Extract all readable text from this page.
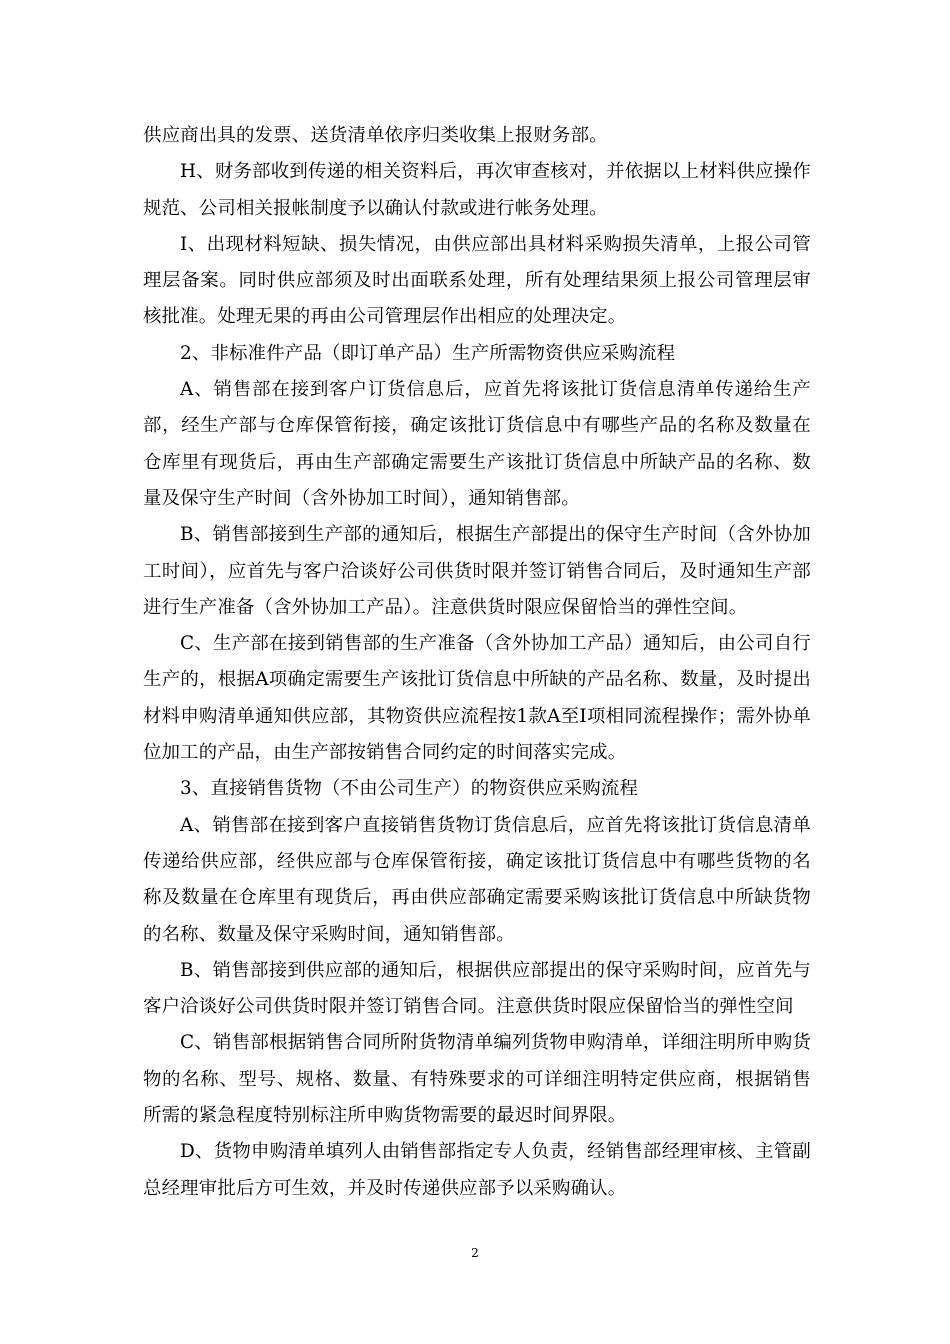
供应商出具的发票、送货清单依序归类收集上报财务部。

H、财务部收到传递的相关资料后，再次审查核对，并依据以上材料供应操作规范、公司相关报帐制度予以确认付款或进行帐务处理。

I、出现材料短缺、损失情况，由供应部出具材料采购损失清单，上报公司管理层备案。同时供应部须及时出面联系处理，所有处理结果须上报公司管理层审核批准。处理无果的再由公司管理层作出相应的处理决定。

2、非标准件产品（即订单产品）生产所需物资供应采购流程

A、销售部在接到客户订货信息后，应首先将该批订货信息清单传递给生产部，经生产部与仓库保管衔接，确定该批订货信息中有哪些产品的名称及数量在仓库里有现货后，再由生产部确定需要生产该批订货信息中所缺产品的名称、数量及保守生产时间（含外协加工时间），通知销售部。

B、销售部接到生产部的通知后，根据生产部提出的保守生产时间（含外协加工时间），应首先与客户洽谈好公司供货时限并签订销售合同后，及时通知生产部进行生产准备（含外协加工产品）。注意供货时限应保留恰当的弹性空间。

C、生产部在接到销售部的生产准备（含外协加工产品）通知后，由公司自行生产的，根据A项确定需要生产该批订货信息中所缺的产品名称、数量，及时提出材料申购清单通知供应部，其物资供应流程按1款A至I项相同流程操作；需外协单位加工的产品，由生产部按销售合同约定的时间落实完成。

3、直接销售货物（不由公司生产）的物资供应采购流程

A、销售部在接到客户直接销售货物订货信息后，应首先将该批订货信息清单传递给供应部，经供应部与仓库保管衔接，确定该批订货信息中有哪些货物的名称及数量在仓库里有现货后，再由供应部确定需要采购该批订货信息中所缺货物的名称、数量及保守采购时间，通知销售部。

B、销售部接到供应部的通知后，根据供应部提出的保守采购时间，应首先与客户洽谈好公司供货时限并签订销售合同。注意供货时限应保留恰当的弹性空间

C、销售部根据销售合同所附货物清单编列货物申购清单，详细注明所申购货物的名称、型号、规格、数量、有特殊要求的可详细注明特定供应商，根据销售所需的紧急程度特别标注所申购货物需要的最迟时间界限。

D、货物申购清单填列人由销售部指定专人负责，经销售部经理审核、主管副总经理审批后方可生效，并及时传递供应部予以采购确认。

2
